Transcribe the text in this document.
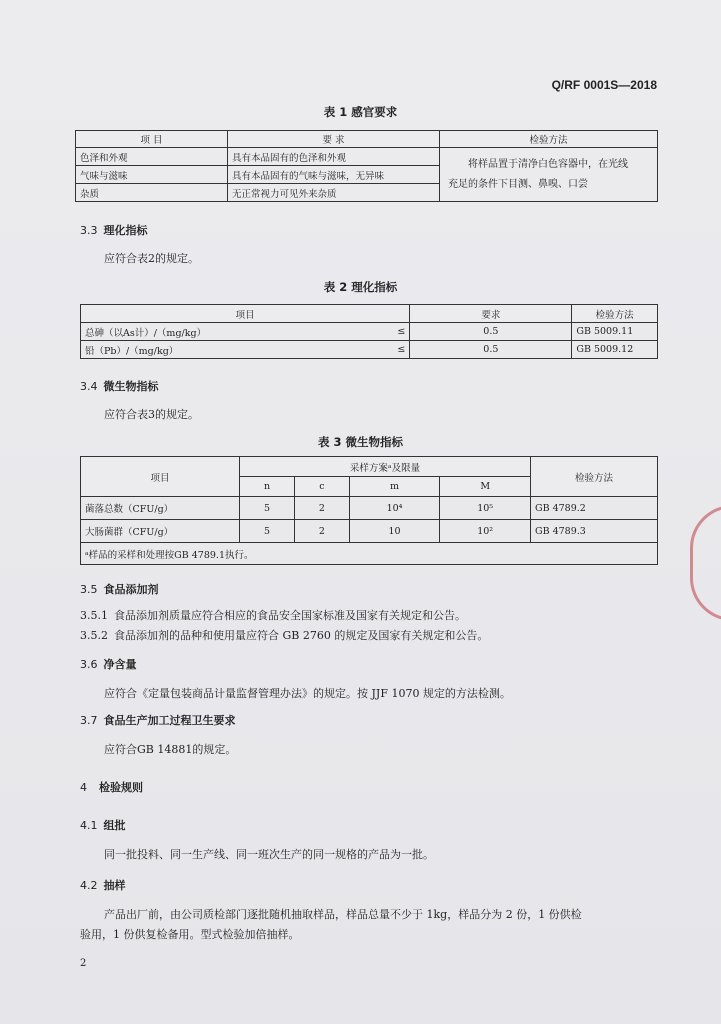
Q/RF 0001S—2018
表 1 感官要求
项 目	要 求	检验方法
色泽和外观	具有本品固有的色泽和外观	将样品置于清净白色容器中，在光线
充足的条件下目测、鼻嗅、口尝

气味与滋味	具有本品固有的气味与滋味，无异味	
杂质	无正常视力可见外来杂质	
3.3 理化指标
应符合表2的规定。
表 2 理化指标
项目		要求	检验方法
总砷（以As计）/（mg/kg）	≤	0.5	GB 5009.11
铅（Pb）/（mg/kg）	≤	0.5	GB 5009.12
3.4 微生物指标
应符合表3的规定。
表 3 微生物指标
项目	采样方案ᵃ及限量				检验方法
	n	c	m	M	
菌落总数（CFU/g）	5	2	10⁴	10⁵	GB 4789.2
大肠菌群（CFU/g）	5	2	10	10²	GB 4789.3
ᵃ样品的采样和处理按GB 4789.1执行。					
3.5 食品添加剂
3.5.1 食品添加剂质量应符合相应的食品安全国家标准及国家有关规定和公告。
3.5.2 食品添加剂的品种和使用量应符合 GB 2760 的规定及国家有关规定和公告。
3.6 净含量
应符合《定量包装商品计量监督管理办法》的规定。按 JJF 1070 规定的方法检测。
3.7 食品生产加工过程卫生要求
应符合GB 14881的规定。
4 检验规则
4.1 组批
同一批投料、同一生产线、同一班次生产的同一规格的产品为一批。
4.2 抽样
产品出厂前，由公司质检部门逐批随机抽取样品，样品总量不少于 1kg，样品分为 2 份，1 份供检
验用，1 份供复检备用。型式检验加倍抽样。
2
